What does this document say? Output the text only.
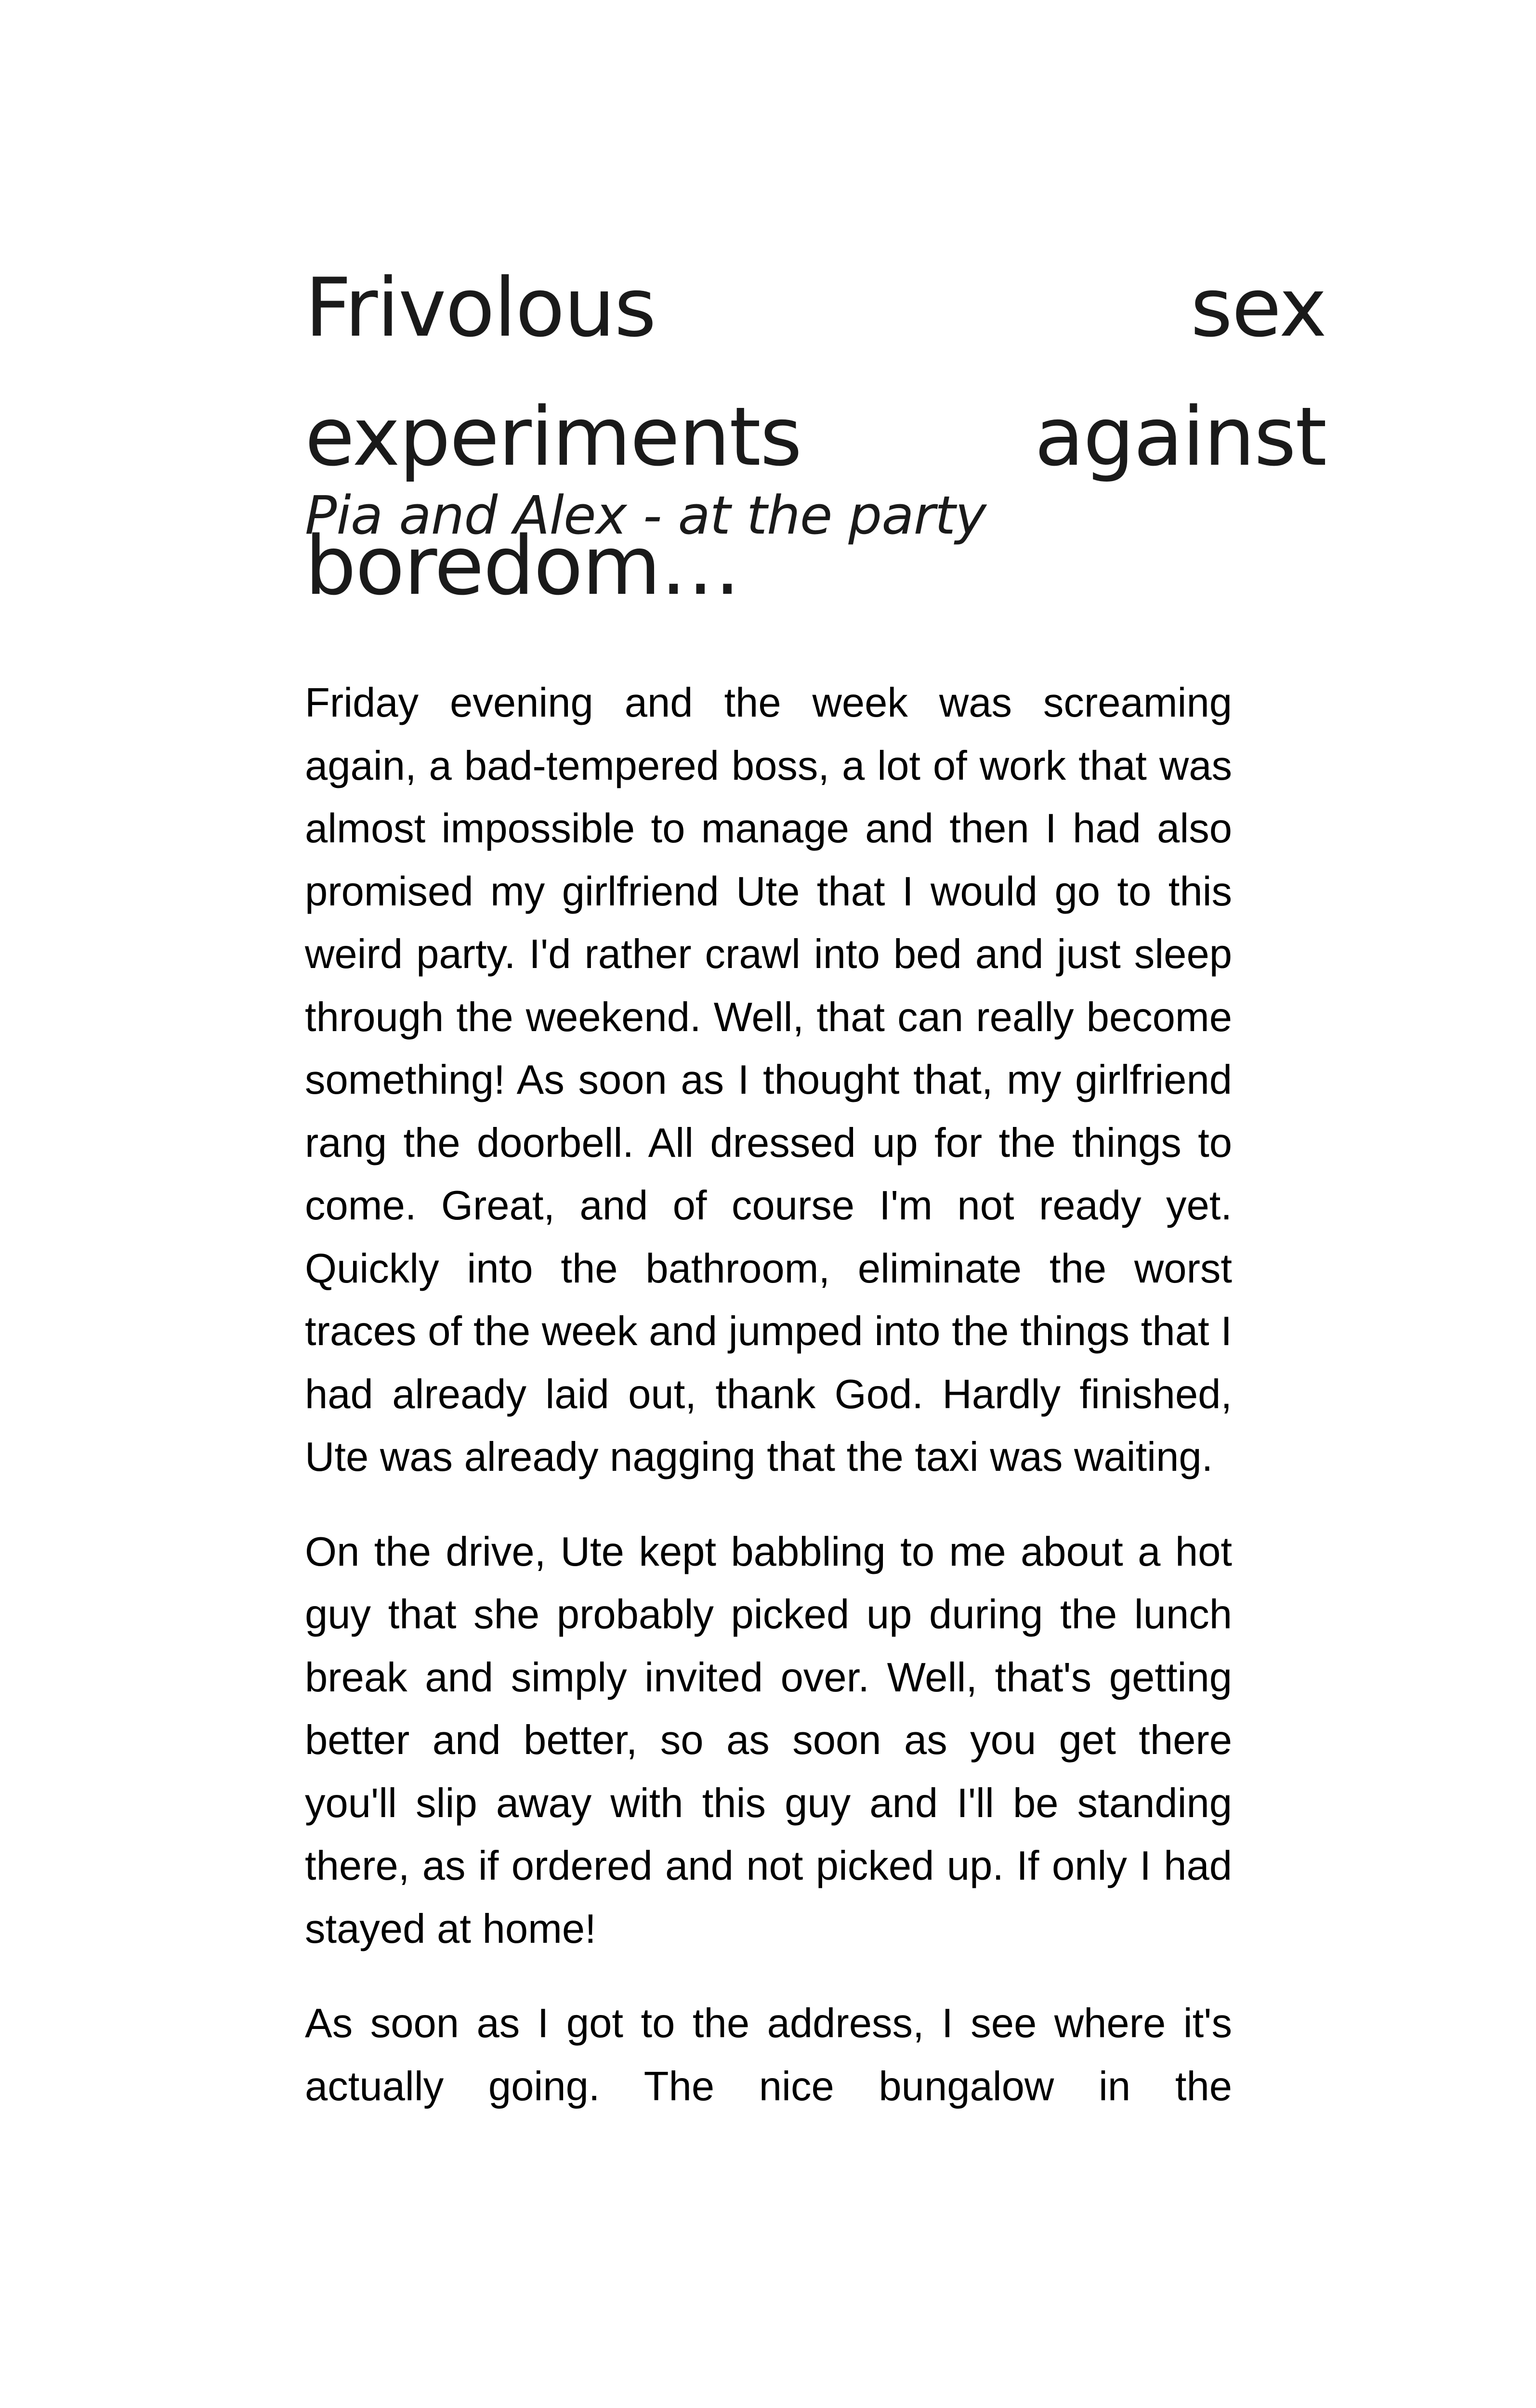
Frivolous sex experiments against boredom…
Pia and Alex - at the party

Friday evening and the week was screaming again, a bad-tempered boss, a lot of work that was almost impossible to manage and then I had also promised my girlfriend Ute that I would go to this weird party. I'd rather crawl into bed and just sleep through the weekend. Well, that can really become something! As soon as I thought that, my girlfriend rang the doorbell. All dressed up for the things to come. Great, and of course I'm not ready yet. Quickly into the bathroom, eliminate the worst traces of the week and jumped into the things that I had already laid out, thank God. Hardly finished, Ute was already nagging that the taxi was waiting.

On the drive, Ute kept babbling to me about a hot guy that she probably picked up during the lunch break and simply invited over. Well, that's getting better and better, so as soon as you get there you'll slip away with this guy and I'll be standing there, as if ordered and not picked up. If only I had stayed at home!

As soon as I got to the address, I see where it's actually going. The nice bungalow in the
